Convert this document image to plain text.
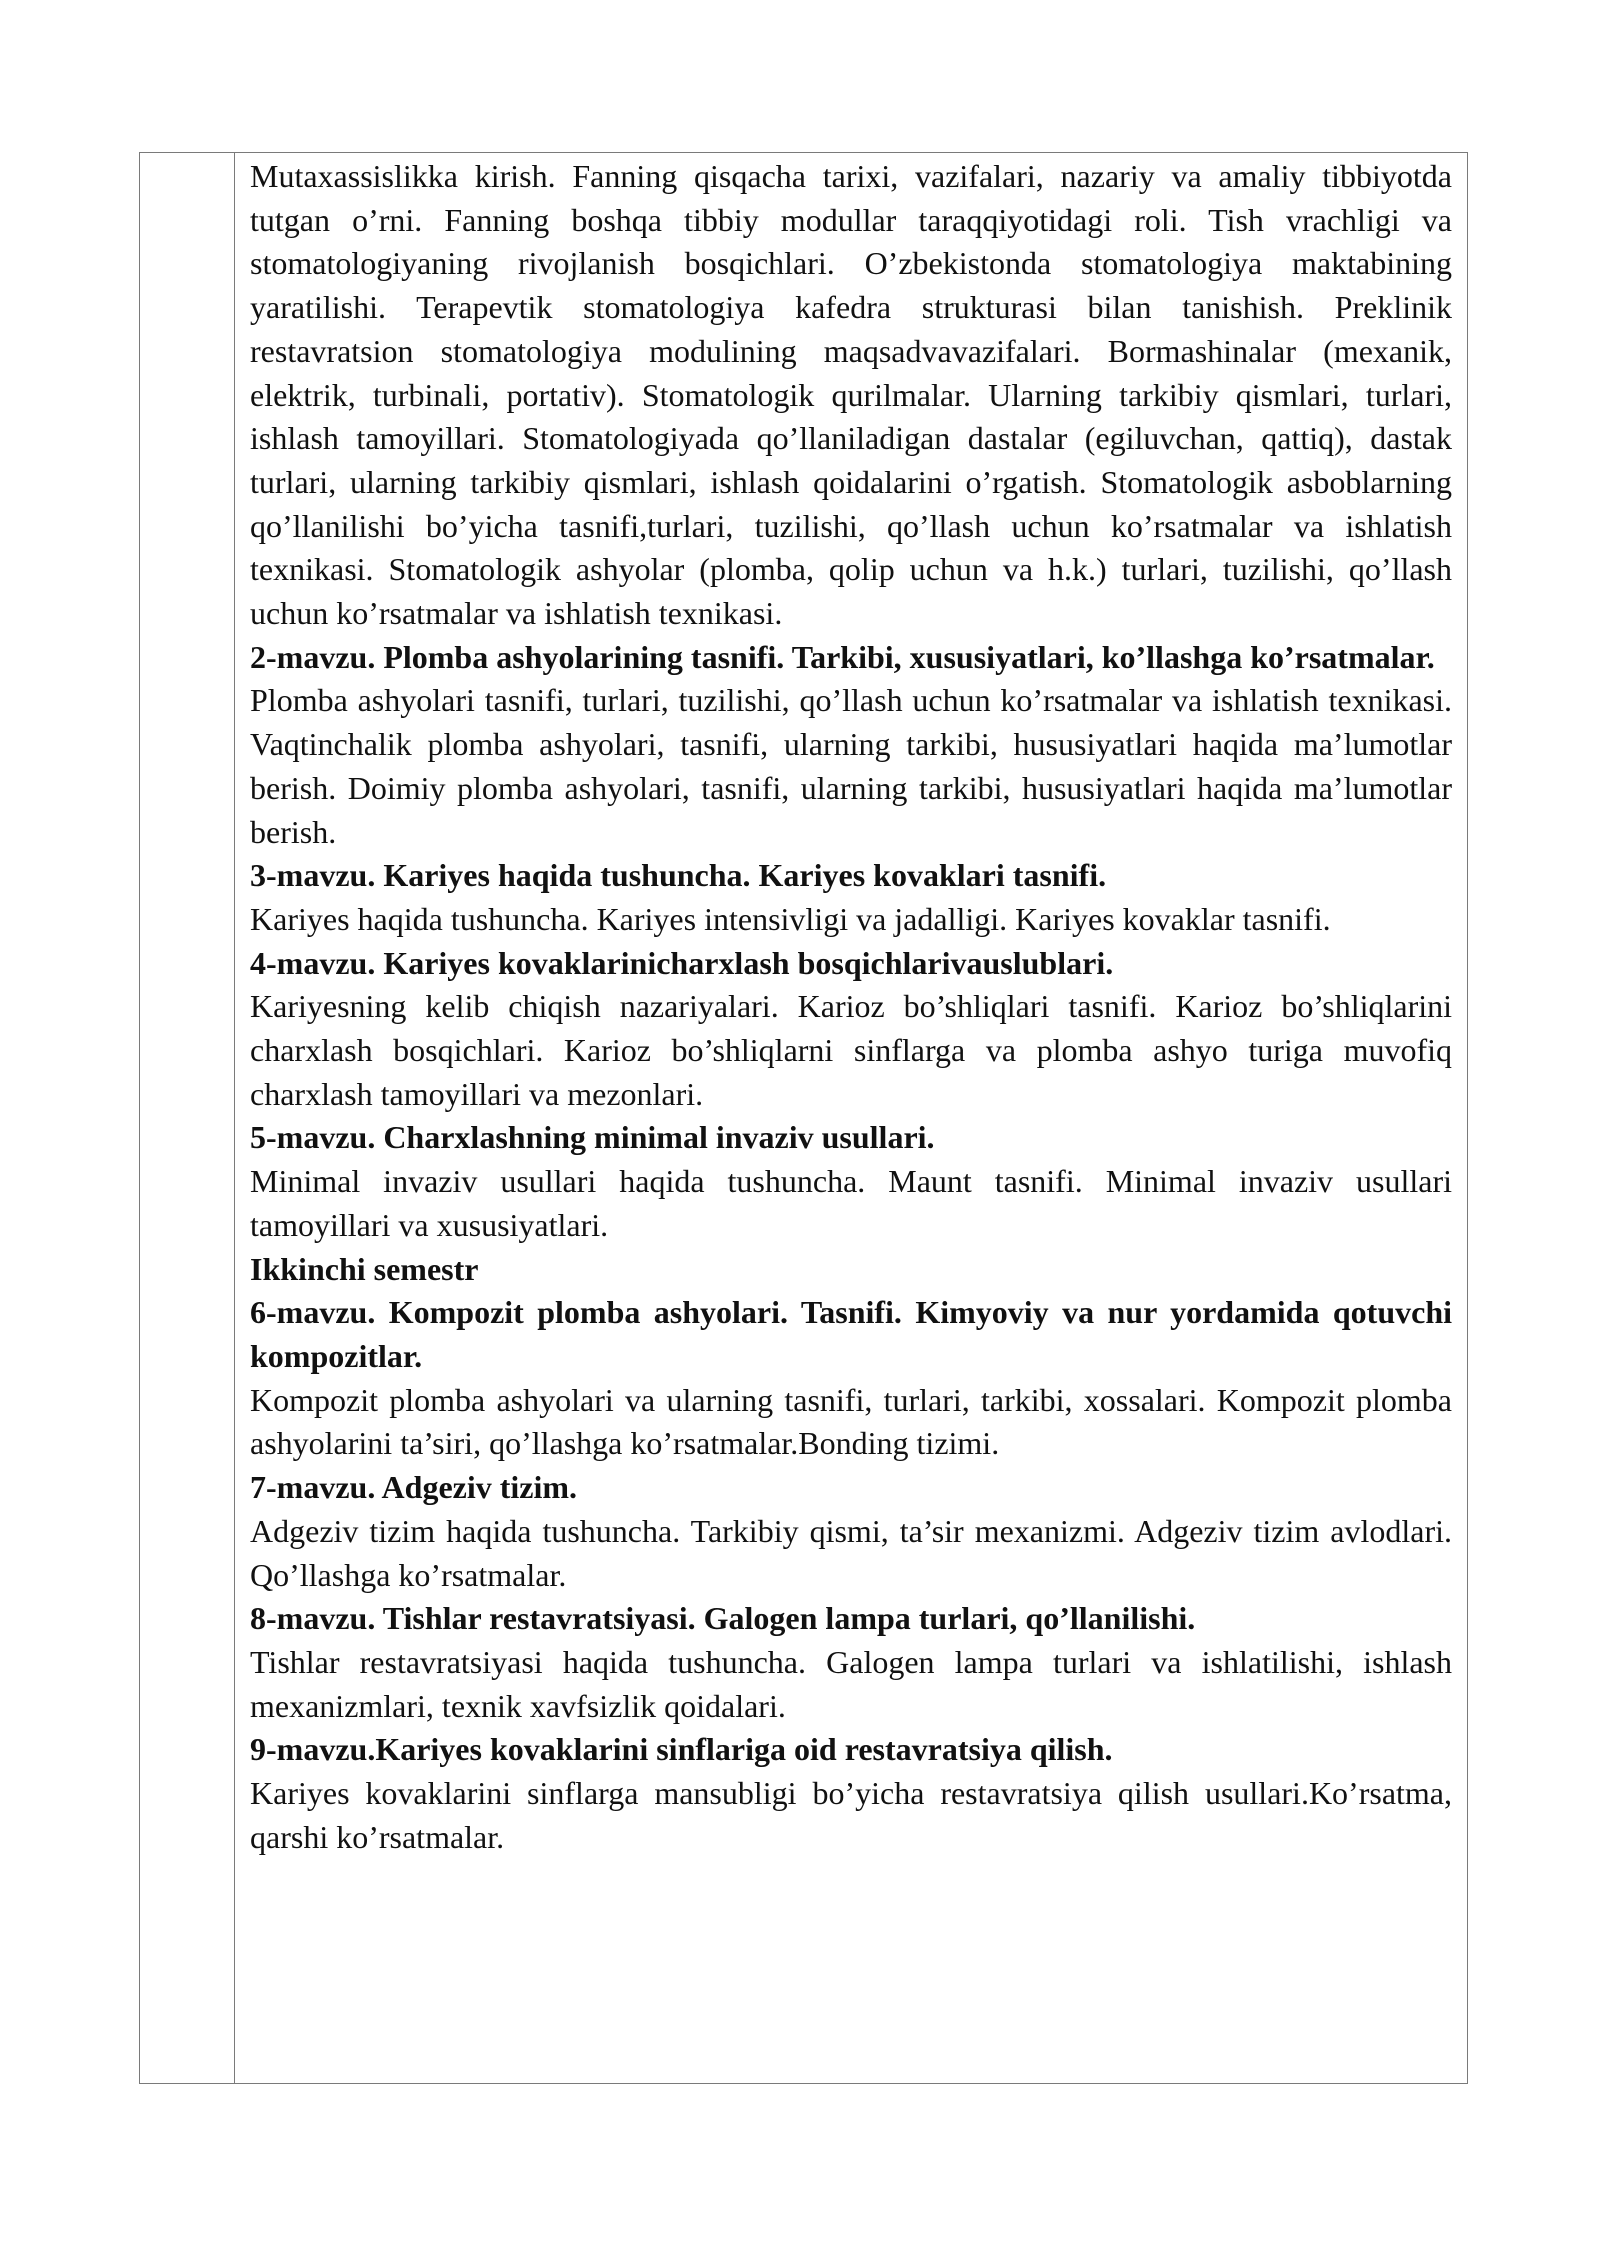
Mutaxassislikka kirish. Fanning qisqacha tarixi, vazifalari, nazariy va amaliy tibbiyotda tutgan o’rni. Fanning boshqa tibbiy modullar taraqqiyotidagi roli. Tish vrachligi va stomatologiyaning rivojlanish bosqichlari. O’zbekistonda stomatologiya maktabining yaratilishi. Terapevtik stomatologiya kafedra strukturasi bilan tanishish. Preklinik restavratsion stomatologiya modulining maqsadvavazifalari. Bormashinalar (mexanik, elektrik, turbinali, portativ). Stomatologik qurilmalar. Ularning tarkibiy qismlari, turlari, ishlash tamoyillari. Stomatologiyada qo’llaniladigan dastalar (egiluvchan, qattiq), dastak turlari, ularning tarkibiy qismlari, ishlash qoidalarini o’rgatish. Stomatologik asboblarning qo’llanilishi bo’yicha tasnifi,turlari, tuzilishi, qo’llash uchun ko’rsatmalar va ishlatish texnikasi. Stomatologik ashyolar (plomba, qolip uchun va h.k.) turlari, tuzilishi, qo’llash uchun ko’rsatmalar va ishlatish texnikasi.

2-mavzu. Plomba ashyolarining tasnifi. Tarkibi, xususiyatlari, ko’llashga ko’rsatmalar.

Plomba ashyolari tasnifi, turlari, tuzilishi, qo’llash uchun ko’rsatmalar va ishlatish texnikasi. Vaqtinchalik plomba ashyolari, tasnifi, ularning tarkibi, hususiyatlari haqida ma’lumotlar berish. Doimiy plomba ashyolari, tasnifi, ularning tarkibi, hususiyatlari haqida ma’lumotlar berish.

3-mavzu. Kariyes haqida tushuncha. Kariyes kovaklari tasnifi.

Kariyes haqida tushuncha. Kariyes intensivligi va jadalligi. Kariyes kovaklar tasnifi.

4-mavzu. Kariyes kovaklarinicharxlash bosqichlarivauslublari.

Kariyesning kelib chiqish nazariyalari. Karioz bo’shliqlari tasnifi. Karioz bo’shliqlarini charxlash bosqichlari. Karioz bo’shliqlarni sinflarga va plomba ashyo turiga muvofiq charxlash tamoyillari va mezonlari.

5-mavzu. Charxlashning minimal invaziv usullari.

Minimal invaziv usullari haqida tushuncha. Maunt tasnifi. Minimal invaziv usullari tamoyillari va xususiyatlari.

Ikkinchi semestr

6-mavzu. Kompozit plomba ashyolari. Tasnifi. Kimyoviy va nur yordamida qotuvchi kompozitlar.

Kompozit plomba ashyolari va ularning tasnifi, turlari, tarkibi, xossalari. Kompozit plomba ashyolarini ta’siri, qo’llashga ko’rsatmalar.Bonding tizimi.

7-mavzu. Adgeziv tizim.

Adgeziv tizim haqida tushuncha. Tarkibiy qismi, ta’sir mexanizmi. Adgeziv tizim avlodlari. Qo’llashga ko’rsatmalar.

8-mavzu. Tishlar restavratsiyasi. Galogen lampa turlari, qo’llanilishi.

Tishlar restavratsiyasi haqida tushuncha. Galogen lampa turlari va ishlatilishi, ishlash mexanizmlari, texnik xavfsizlik qoidalari.

9-mavzu.Kariyes kovaklarini sinflariga oid restavratsiya qilish.

Kariyes kovaklarini sinflarga mansubligi bo’yicha restavratsiya qilish usullari.Ko’rsatma, qarshi ko’rsatmalar.
